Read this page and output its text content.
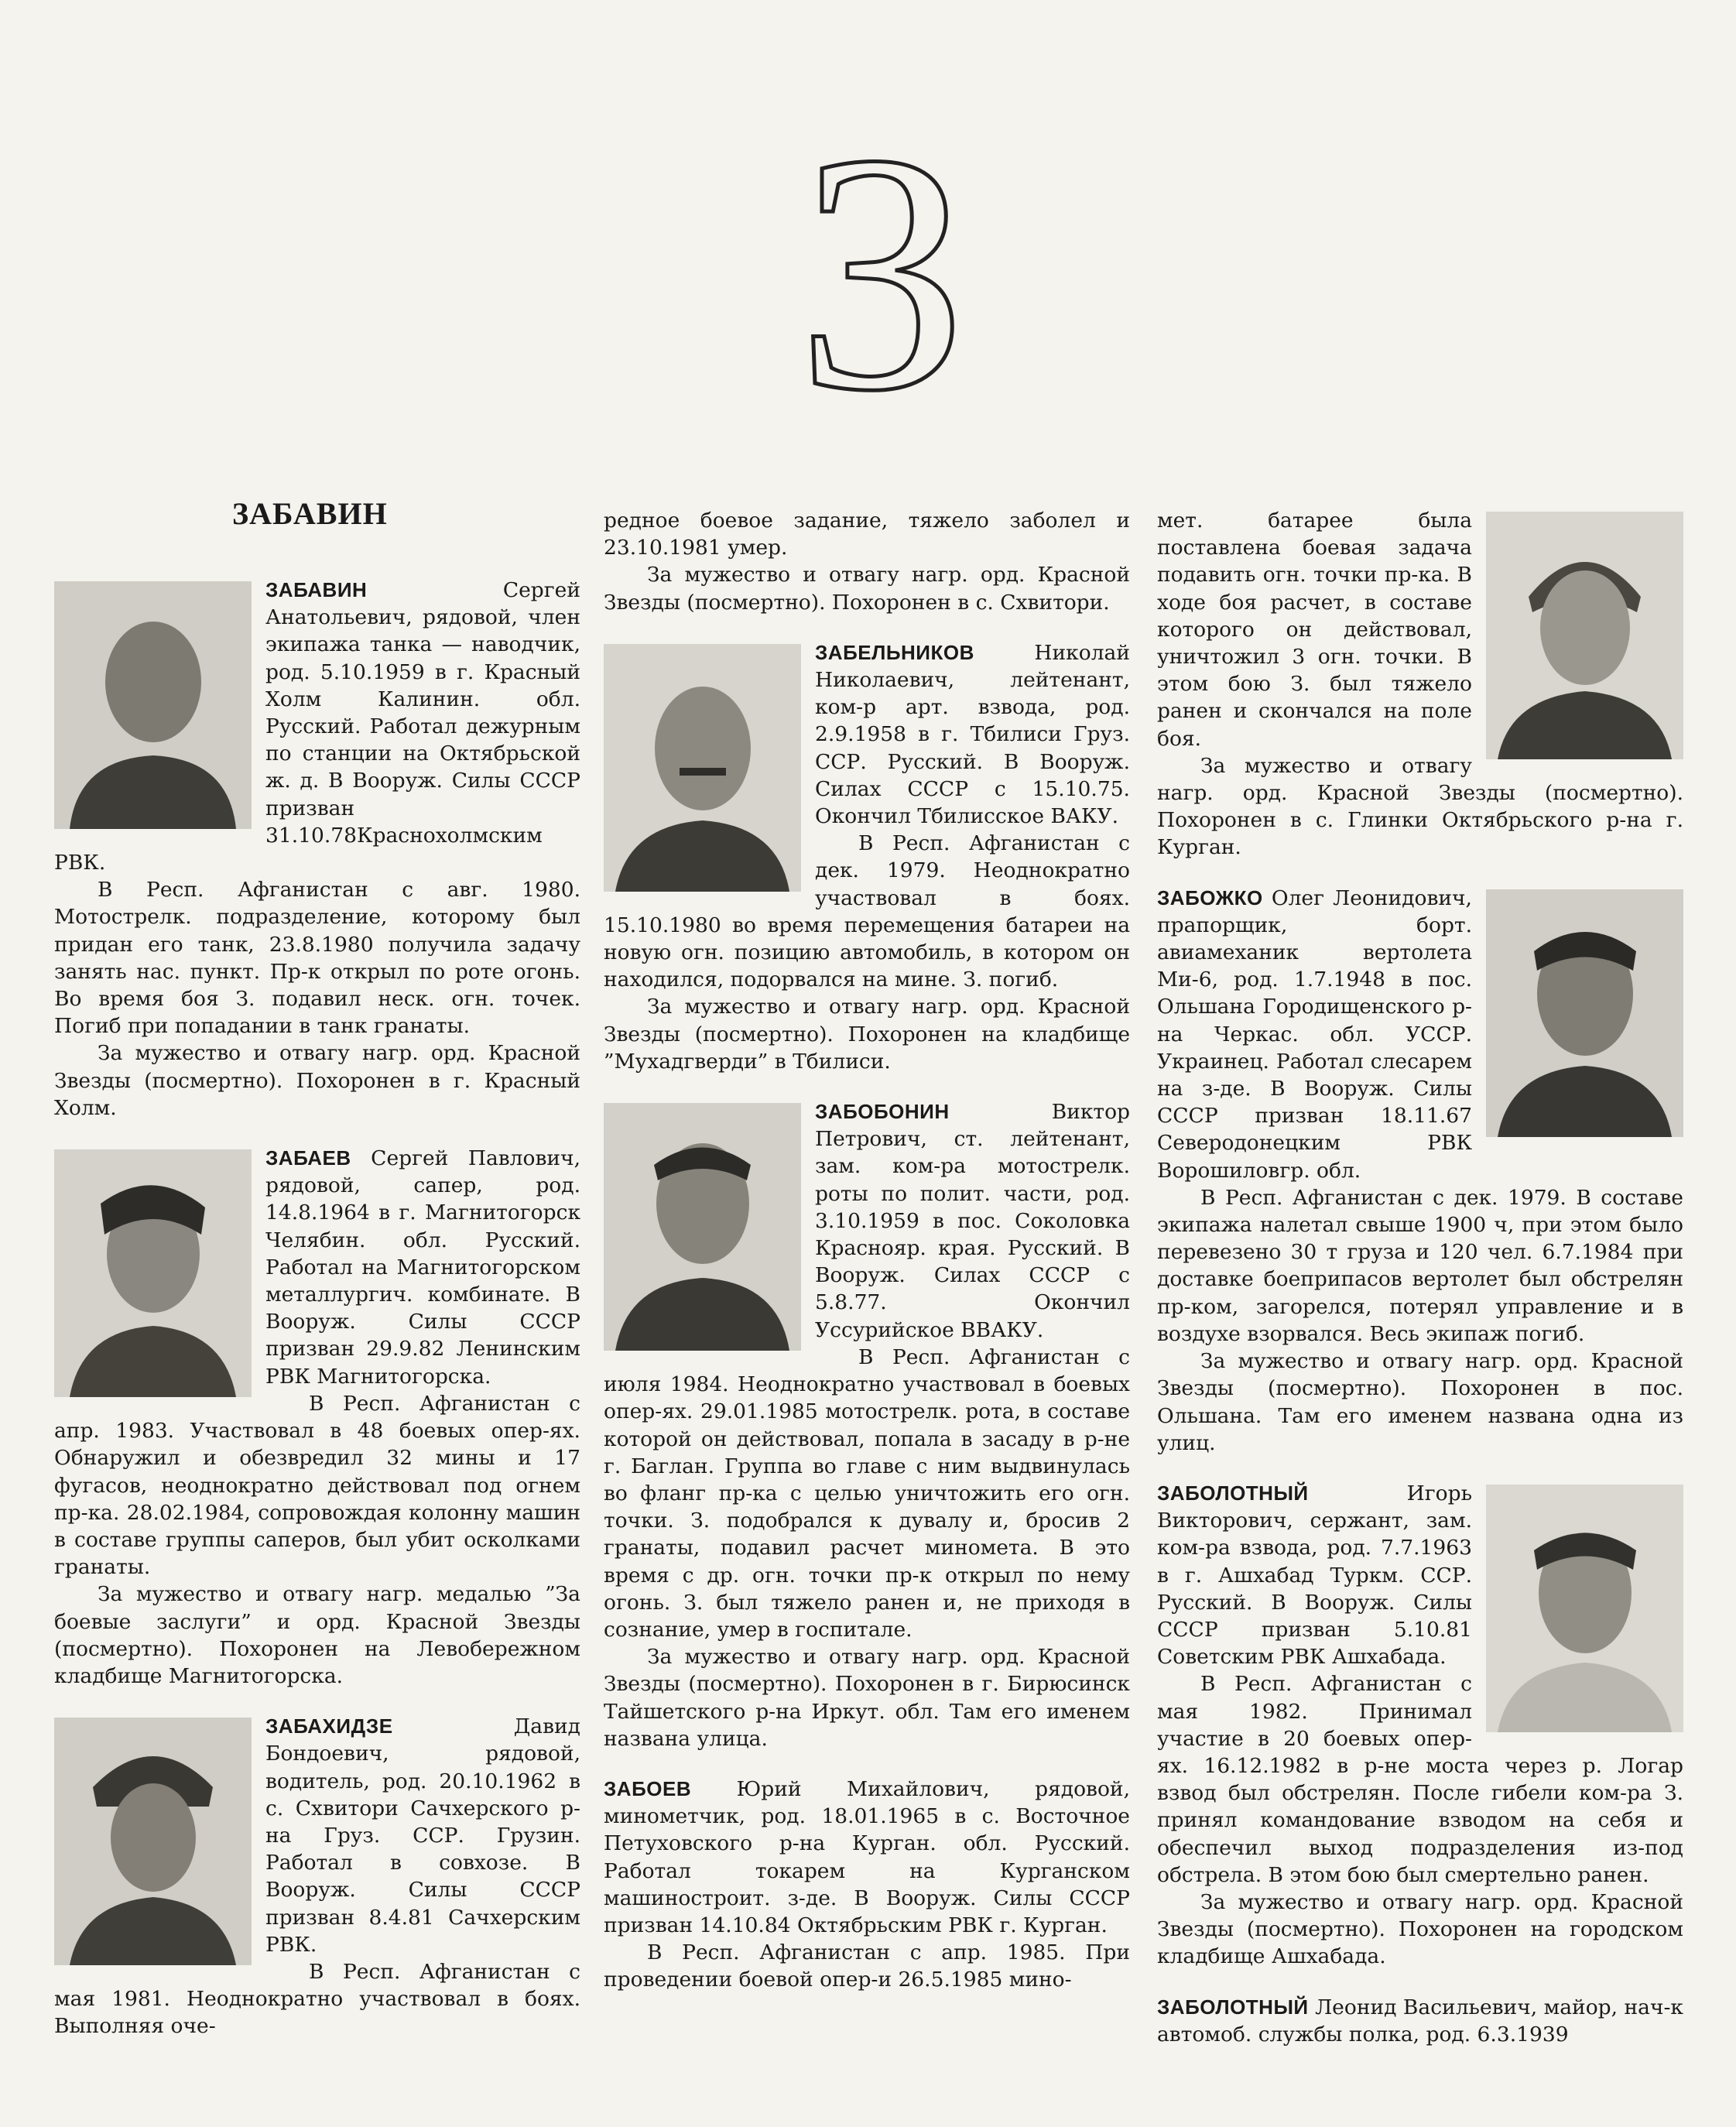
З
ЗАБАВИН

ЗАБАВИН Сергей Анатольевич, рядовой, член экипажа танка — наводчик, род. 5.10.1959 в г. Красный Холм Калинин. обл. Русский. Работал дежурным по станции на Октябрьской ж. д. В Вооруж. Силы СССР призван 31.10.78Краснохолмским РВК.

В Респ. Афганистан с авг. 1980. Мотострелк. подразделение, которому был придан его танк, 23.8.1980 получила задачу занять нас. пункт. Пр-к открыл по роте огонь. Во время боя З. подавил неск. огн. точек. Погиб при попадании в танк гранаты.

За мужество и отвагу нагр. орд. Красной Звезды (посмертно). Похоронен в г. Красный Холм.

ЗАБАЕВ Сергей Павлович, рядовой, сапер, род. 14.8.1964 в г. Магнитогорск Челябин. обл. Русский. Работал на Магнитогорском металлургич. комбинате. В Вооруж. Силы СССР призван 29.9.82 Ленинским РВК Магнитогорска.

В Респ. Афганистан с апр. 1983. Участвовал в 48 боевых опер-ях. Обнаружил и обезвредил 32 мины и 17 фугасов, неоднократно действовал под огнем пр-ка. 28.02.1984, сопровождая колонну машин в составе группы саперов, был убит осколками гранаты.

За мужество и отвагу нагр. медалью ”За боевые заслуги” и орд. Красной Звезды (посмертно). Похоронен на Левобережном кладбище Магнитогорска.

ЗАБАХИДЗЕ Давид Бондоевич, рядовой, водитель, род. 20.10.1962 в с. Схвитори Сачхерского р-на Груз. ССР. Грузин. Работал в совхозе. В Вооруж. Силы СССР призван 8.4.81 Сачхерским РВК.

В Респ. Афганистан с мая 1981. Неоднократно участвовал в боях. Выполняя оче-

редное боевое задание, тяжело заболел и 23.10.1981 умер.

За мужество и отвагу нагр. орд. Красной Звезды (посмертно). Похоронен в с. Схвитори.

ЗАБЕЛЬНИКОВ Николай Николаевич, лейтенант, ком-р арт. взвода, род. 2.9.1958 в г. Тбилиси Груз. ССР. Русский. В Вооруж. Силах СССР с 15.10.75. Окончил Тбилисское ВАКУ.

В Респ. Афганистан с дек. 1979. Неоднократно участвовал в боях. 15.10.1980 во время перемещения батареи на новую огн. позицию автомобиль, в котором он находился, подорвался на мине. З. погиб.

За мужество и отвагу нагр. орд. Красной Звезды (посмертно). Похоронен на кладбище ”Мухадгверди” в Тбилиси.

ЗАБОБОНИН Виктор Петрович, ст. лейтенант, зам. ком-ра мотострелк. роты по полит. части, род. 3.10.1959 в пос. Соколовка Краснояр. края. Русский. В Вооруж. Силах СССР с 5.8.77. Окончил Уссурийское ВВАКУ.

В Респ. Афганистан с июля 1984. Неоднократно участвовал в боевых опер-ях. 29.01.1985 мотострелк. рота, в составе которой он действовал, попала в засаду в р-не г. Баглан. Группа во главе с ним выдвинулась во фланг пр-ка с целью уничтожить его огн. точки. З. подобрался к дувалу и, бросив 2 гранаты, подавил расчет миномета. В это время с др. огн. точки пр-к открыл по нему огонь. З. был тяжело ранен и, не приходя в сознание, умер в госпитале.

За мужество и отвагу нагр. орд. Красной Звезды (посмертно). Похоронен в г. Бирюсинск Тайшетского р-на Иркут. обл. Там его именем названа улица.

ЗАБОЕВ Юрий Михайлович, рядовой, минометчик, род. 18.01.1965 в с. Восточное Петуховского р-на Курган. обл. Русский. Работал токарем на Курганском машиностроит. з-де. В Вооруж. Силы СССР призван 14.10.84 Октябрьским РВК г. Курган.

В Респ. Афганистан с апр. 1985. При проведении боевой опер-и 26.5.1985 мино-

мет. батарее была поставлена боевая задача подавить огн. точки пр-ка. В ходе боя расчет, в составе которого он действовал, уничтожил 3 огн. точки. В этом бою З. был тяжело ранен и скончался на поле боя.

За мужество и отвагу нагр. орд. Красной Звезды (посмертно). Похоронен в с. Глинки Октябрьского р-на г. Курган.

ЗАБОЖКО Олег Леонидович, прапорщик, борт. авиамеханик вертолета Ми-6, род. 1.7.1948 в пос. Ольшана Городищенского р-на Черкас. обл. УССР. Украинец. Работал слесарем на з-де. В Вооруж. Силы СССР призван 18.11.67 Северодонецким РВК Ворошиловгр. обл.

В Респ. Афганистан с дек. 1979. В составе экипажа налетал свыше 1900 ч, при этом было перевезено 30 т груза и 120 чел. 6.7.1984 при доставке боеприпасов вертолет был обстрелян пр-ком, загорелся, потерял управление и в воздухе взорвался. Весь экипаж погиб.

За мужество и отвагу нагр. орд. Красной Звезды (посмертно). Похоронен в пос. Ольшана. Там его именем названа одна из улиц.

ЗАБОЛОТНЫЙ Игорь Викторович, сержант, зам. ком-ра взвода, род. 7.7.1963 в г. Ашхабад Туркм. ССР. Русский. В Вооруж. Силы СССР призван 5.10.81 Советским РВК Ашхабада.

В Респ. Афганистан с мая 1982. Принимал участие в 20 боевых опер-ях. 16.12.1982 в р-не моста через р. Логар взвод был обстрелян. После гибели ком-ра З. принял командование взводом на себя и обеспечил выход подразделения из-под обстрела. В этом бою был смертельно ранен.

За мужество и отвагу нагр. орд. Красной Звезды (посмертно). Похоронен на городском кладбище Ашхабада.

ЗАБОЛОТНЫЙ Леонид Васильевич, майор, нач-к автомоб. службы полка, род. 6.3.1939
